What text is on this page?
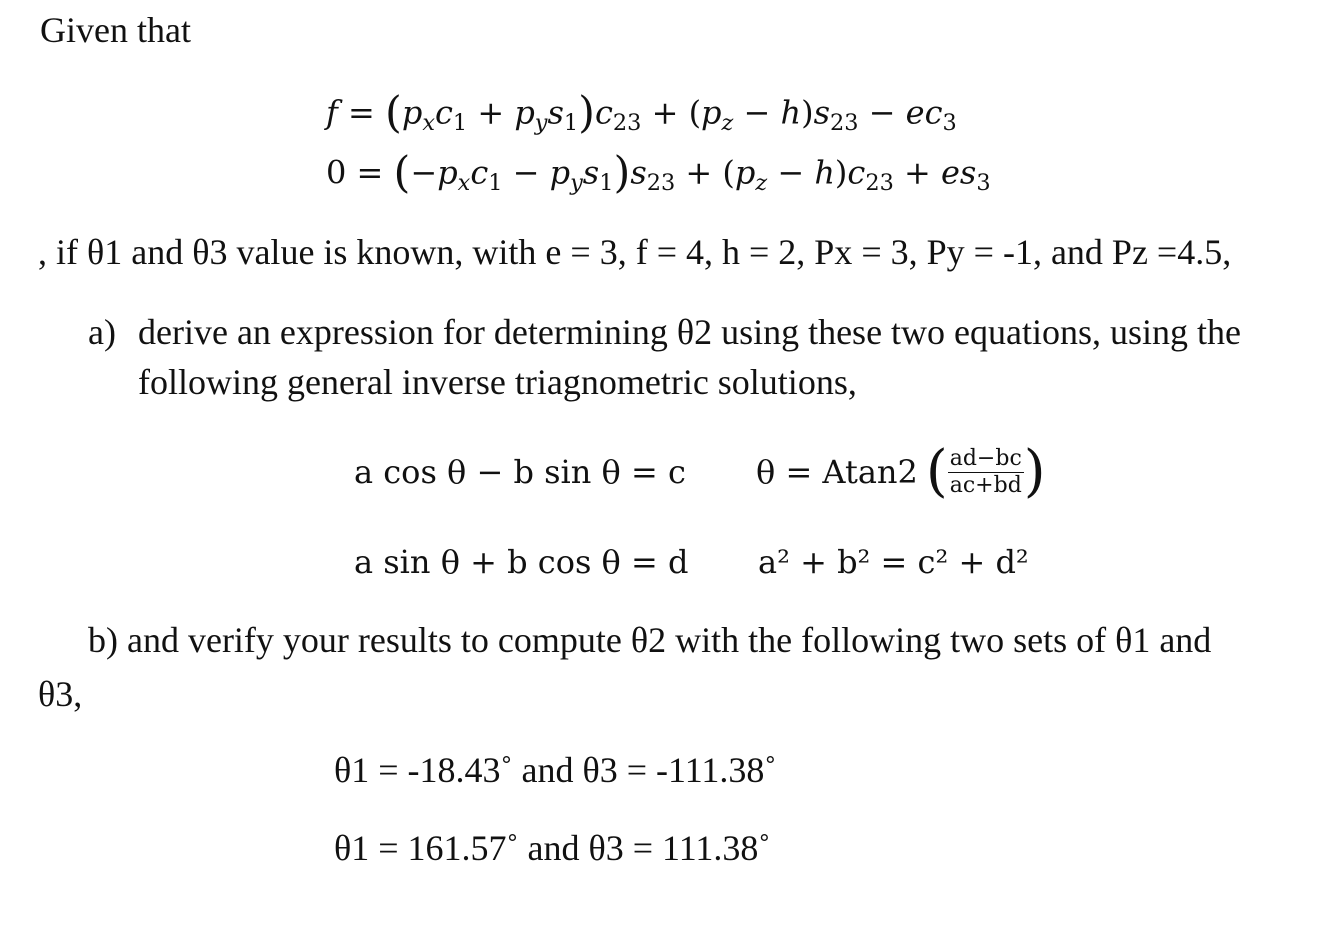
Given that
$f = (p_xc_1 + p_ys_1)c_{23} + (p_z - h)s_{23} - ec_3$
$0 = (-p_xc_1 - p_ys_1)s_{23} + (p_z - h)c_{23} + es_3$
, if θ1 and θ3 value is known, with e = 3, f = 4, h = 2, Px = 3, Py = -1, and Pz =4.5,
a) derive an expression for determining θ2 using these two equations, using the
following general inverse triagnometric solutions,
a cos θ − b sin θ = c
a sin θ + b cos θ = d
θ = Atan2 ( $\frac{ad-bc}{ac+bd}$ )
a² + b² = c² + d²
b) and verify your results to compute θ2 with the following two sets of θ1 and
θ3,
θ1 = -18.43˚ and θ3 = -111.38˚
θ1 = 161.57˚ and θ3 = 111.38˚
